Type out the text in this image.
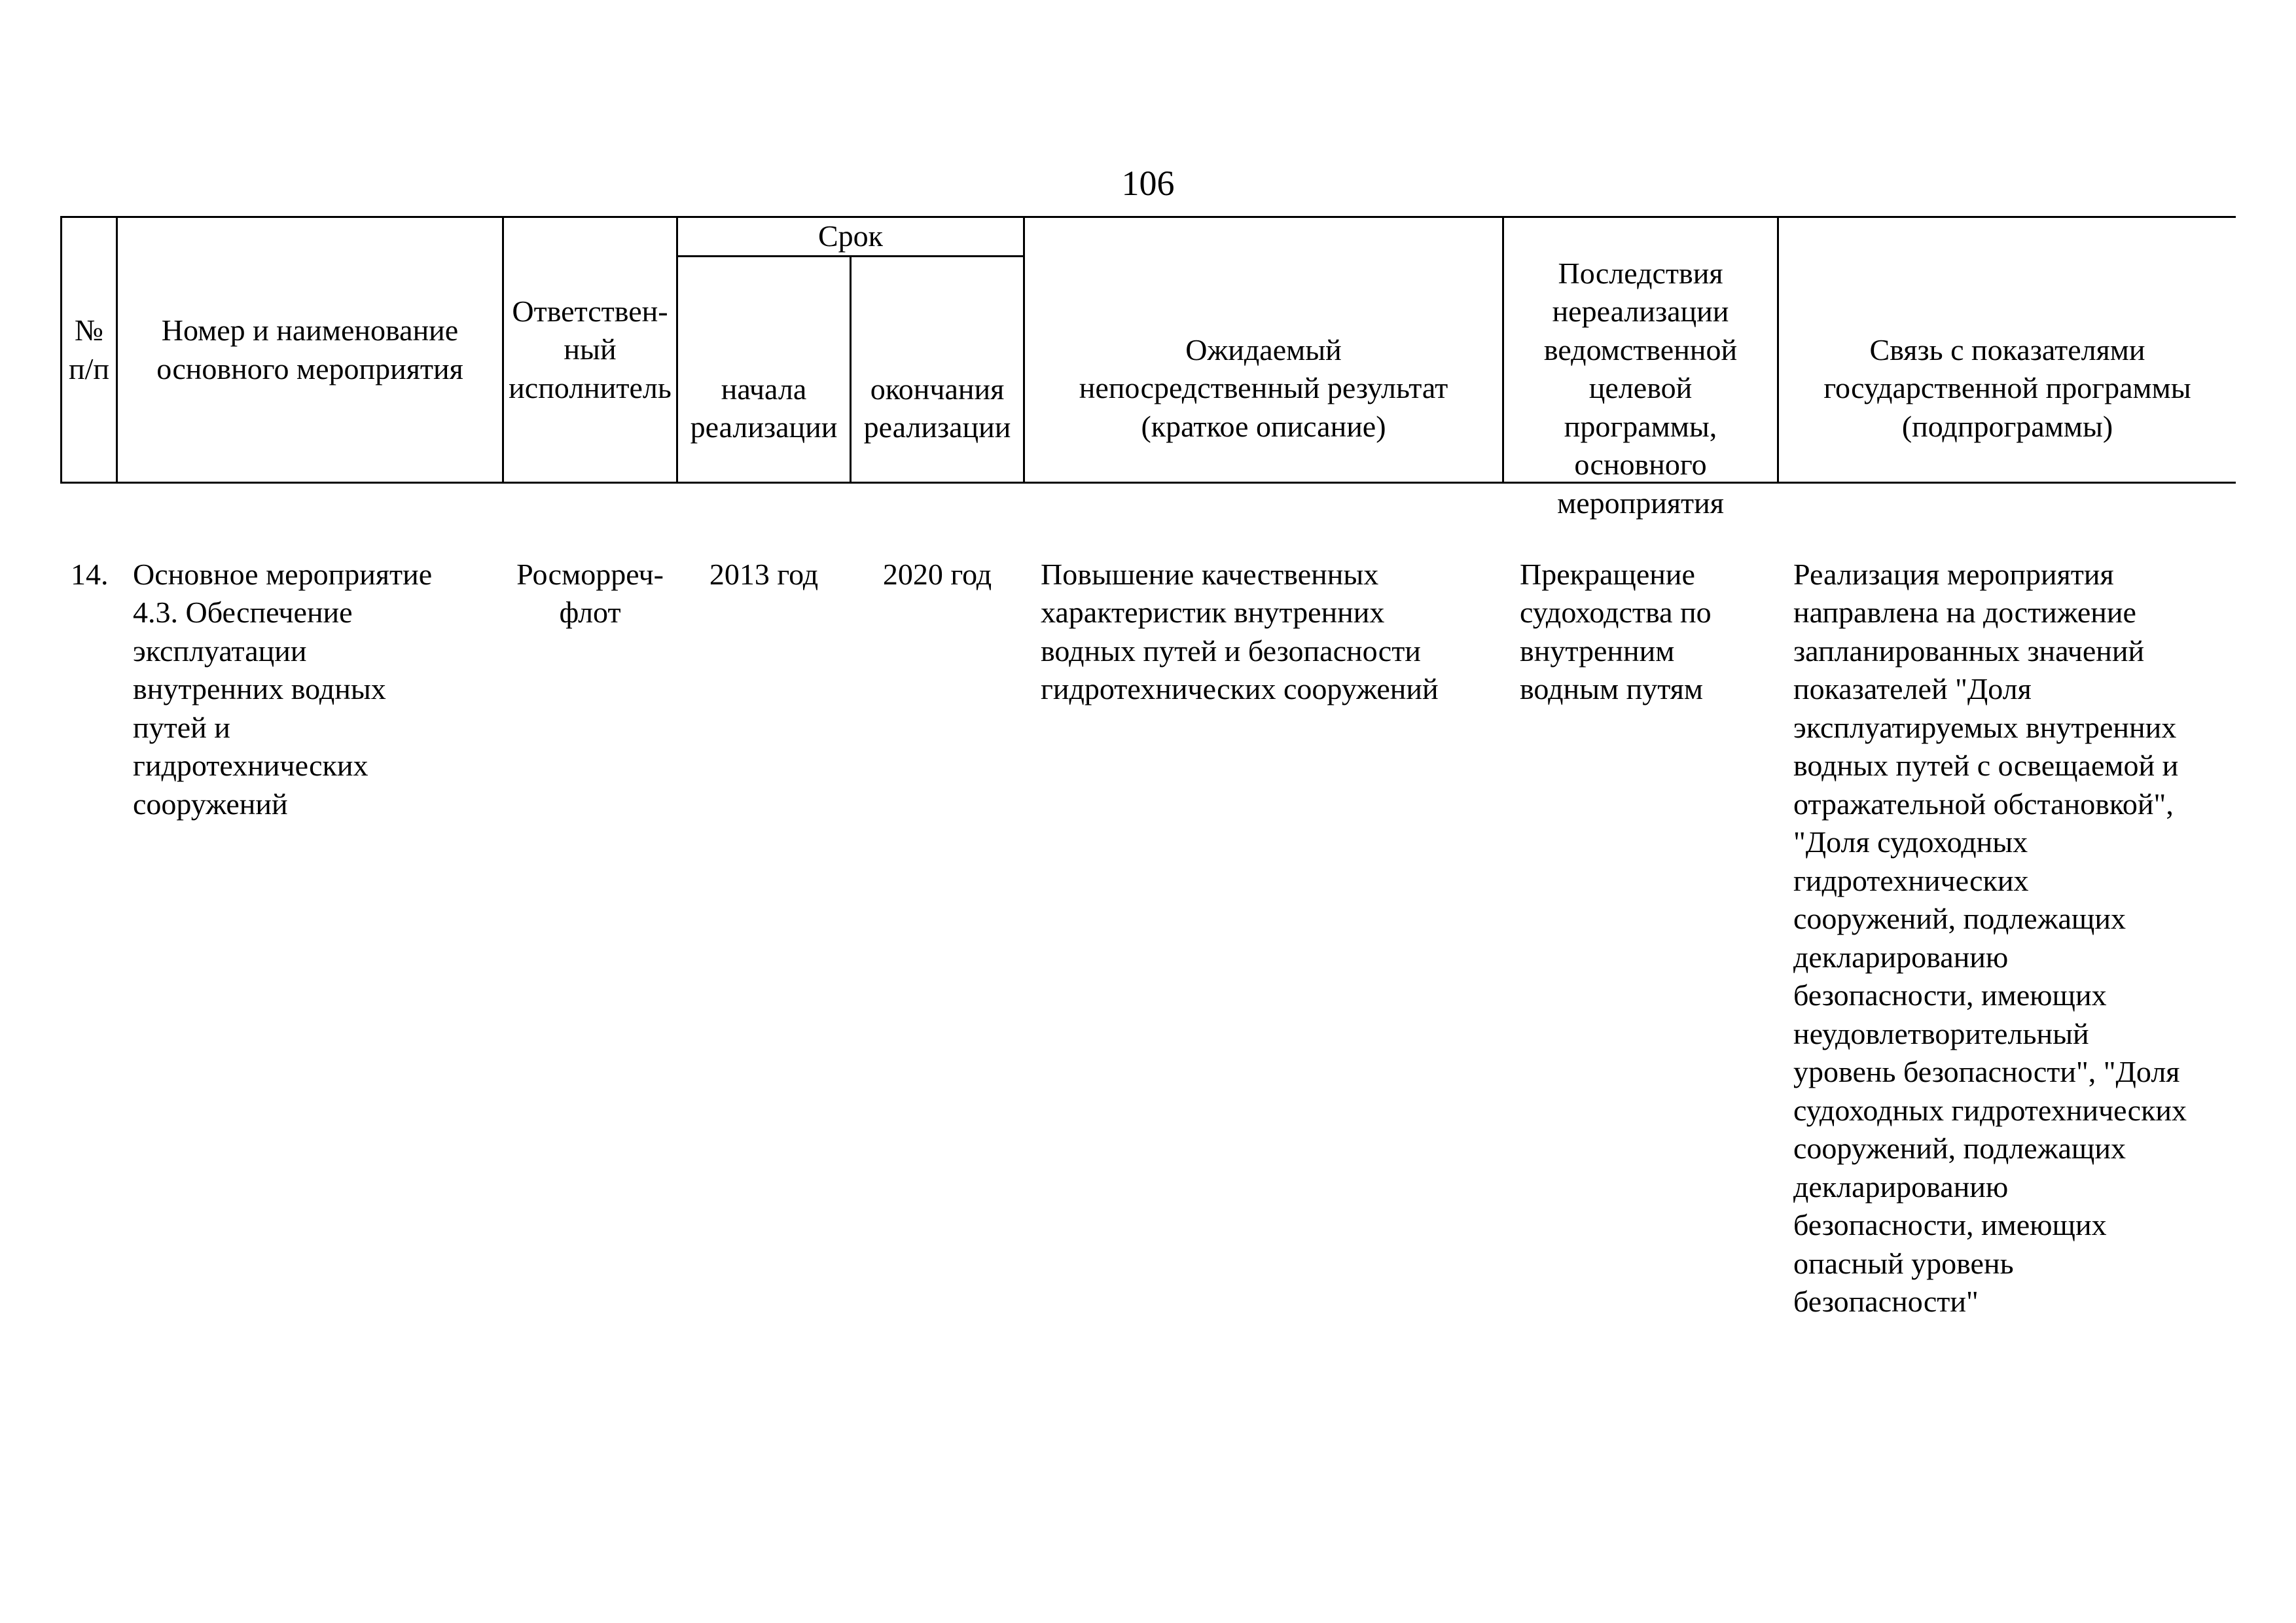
106
№
п/п
Номер и наименование
основного мероприятия
Ответствен-
ный
исполнитель
Срок

начала
реализации

окончания
реализации

Ожидаемый
непосредственный результат
(краткое описание)

Последствия
нереализации
ведомственной
целевой
программы,
основного
мероприятия

Связь с показателями
государственной программы
(подпрограммы)

14. Основное мероприятие
4.3. Обеспечение
эксплуатации
внутренних водных
путей и
гидротехнических
сооружений

Росморреч-
флот

2013 год	2020 год	Повышение качественных
характеристик внутренних
водных путей и безопасности
гидротехнических сооружений

Прекращение
судоходства по
внутренним
водным путям

Реализация мероприятия
направлена на достижение
запланированных значений
показателей "Доля
эксплуатируемых внутренних
водных путей с освещаемой и
отражательной обстановкой",
"Доля судоходных
гидротехнических
сооружений, подлежащих
декларированию
безопасности, имеющих
неудовлетворительный
уровень безопасности", "Доля
судоходных гидротехнических
сооружений, подлежащих
декларированию
безопасности, имеющих
опасный уровень
безопасности"
